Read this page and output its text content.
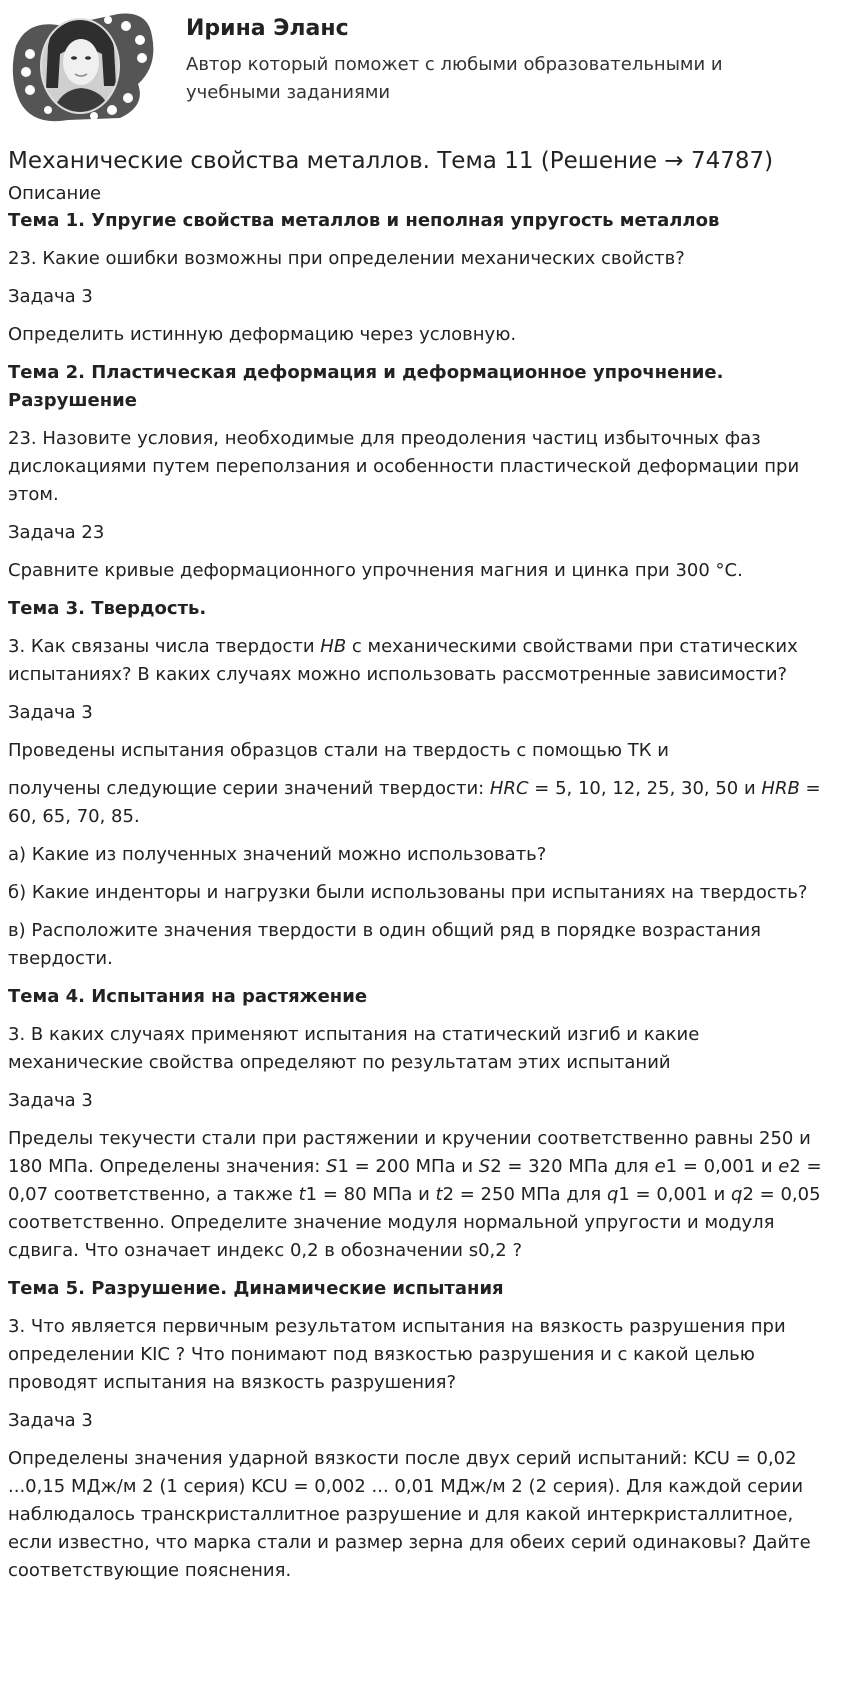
Ирина Эланс
Автор который поможет с любыми образовательными и учебными заданиями
Механические свойства металлов. Тема 11 (Решение → 74787)
Описание
Тема 1. Упругие свойства металлов и неполная упругость металлов
23. Какие ошибки возможны при определении механических свойств?
Задача 3
Определить истинную деформацию через условную.
Тема 2. Пластическая деформация и деформационное упрочнение. Разрушение
23. Назовите условия, необходимые для преодоления частиц избыточных фаз дислокациями путем переползания и особенности пластической деформации при этом.
Задача 23
Сравните кривые деформационного упрочнения магния и цинка при 300 °С.
Тема 3. Твердость.
3. Как связаны числа твердости HB с механическими свойствами при статических испытаниях? В каких случаях можно использовать рассмотренные зависимости?
Задача 3
Проведены испытания образцов стали на твердость с помощью ТК и
получены следующие серии значений твердости: HRC = 5, 10, 12, 25, 30, 50 и HRB = 60, 65, 70, 85.
а) Какие из полученных значений можно использовать?
б) Какие инденторы и нагрузки были использованы при испытаниях на твердость?
в) Расположите значения твердости в один общий ряд в порядке возрастания твердости.
Тема 4. Испытания на растяжение
3. В каких случаях применяют испытания на статический изгиб и какие механические свойства определяют по результатам этих испытаний
Задача 3
Пределы текучести стали при растяжении и кручении соответственно равны 250 и 180 МПа. Определены значения: S1 = 200 МПа и S2 = 320 МПа для e1 = 0,001 и e2 = 0,07 соответственно, а также t1 = 80 МПа и t2 = 250 МПа для q1 = 0,001 и q2 = 0,05 соответственно. Определите значение модуля нормальной упругости и модуля сдвига. Что означает индекс 0,2 в обозначении s0,2 ?
Тема 5. Разрушение. Динамические испытания
3. Что является первичным результатом испытания на вязкость разрушения при определении KIC ? Что понимают под вязкостью разрушения и с какой целью проводят испытания на вязкость разрушения?
Задача 3
Определены значения ударной вязкости после двух серий испытаний: KCU = 0,02 ...0,15 МДж/м 2 (1 серия) KCU = 0,002 ... 0,01 МДж/м 2 (2 серия). Для каждой серии наблюдалось транскристаллитное разрушение и для какой интеркристаллитное, если известно, что марка стали и размер зерна для обеих серий одинаковы? Дайте соответствующие пояснения.
